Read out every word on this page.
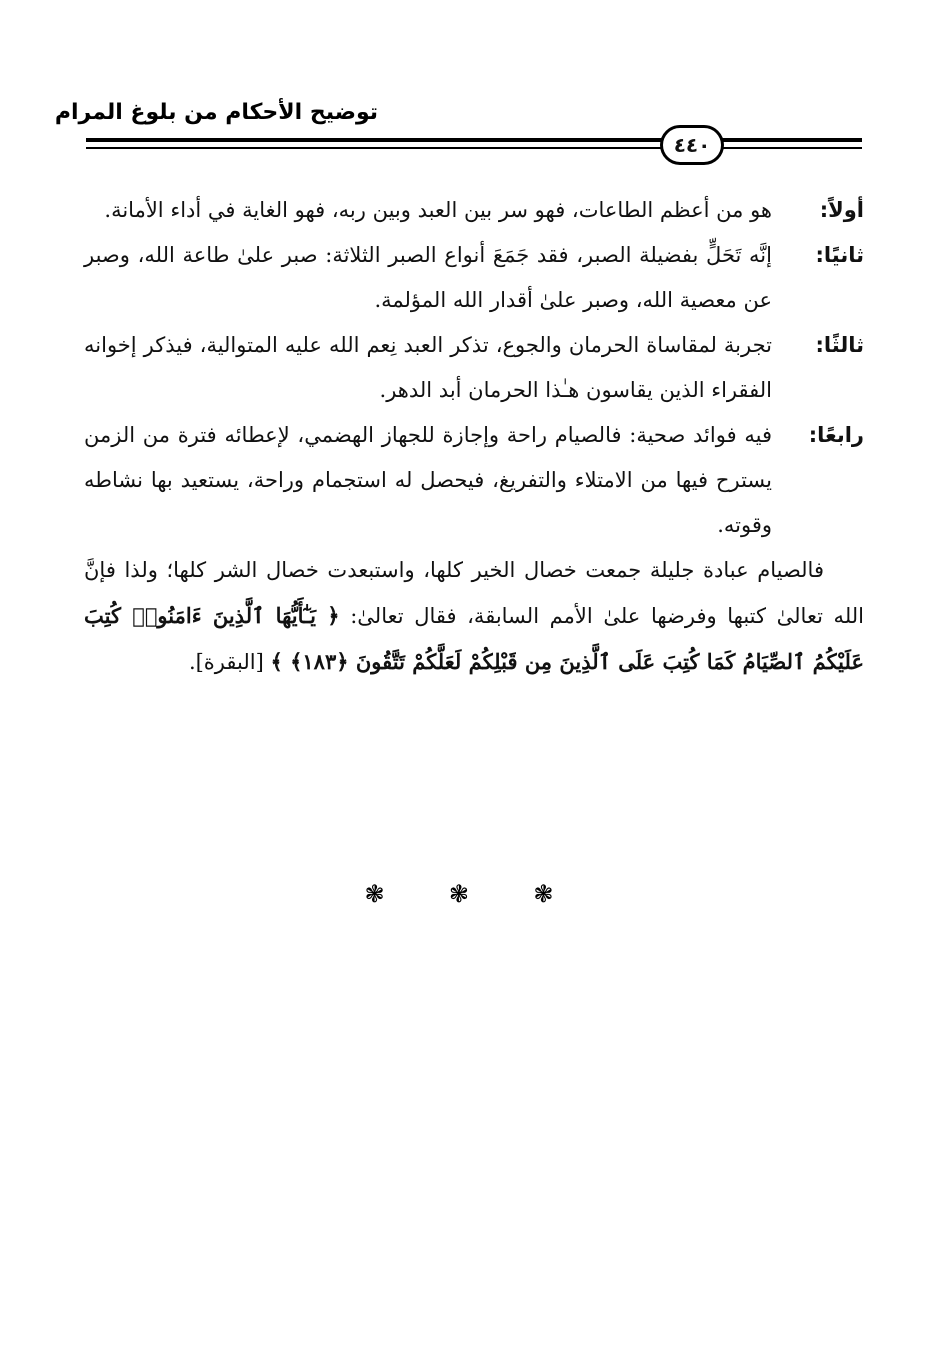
توضيح الأحكام من بلوغ المرام
٤٤٠

أولاً:
هو من أعظم الطاعات، فهو سر بين العبد وبين ربه، فهو الغاية في أداء الأمانة.

ثانيًا:
إنَّه تَحَلٍّ بفضيلة الصبر، فقد جَمَعَ أنواع الصبر الثلاثة: صبر علىٰ طاعة الله، وصبر عن معصية الله، وصبر علىٰ أقدار الله المؤلمة.

ثالثًا:
تجربة لمقاساة الحرمان والجوع، تذكر العبد نِعم الله عليه المتوالية، فيذكر إخوانه الفقراء الذين يقاسون هـٰذا الحرمان أبد الدهر.

رابعًا:
فيه فوائد صحية: فالصيام راحة وإجازة للجهاز الهضمي، لإعطائه فترة من الزمن يسترح فيها من الامتلاء والتفريغ، فيحصل له استجمام وراحة، يستعيد بها نشاطه وقوته.

فالصيام عبادة جليلة جمعت خصال الخير كلها، واستبعدت خصال الشر كلها؛ ولذا فإنَّ الله تعالىٰ كتبها وفرضها علىٰ الأمم السابقة، فقال تعالىٰ: ﴿ يَـٰٓأَيُّهَا ٱلَّذِينَ ءَامَنُوا۟ كُتِبَ عَلَيْكُمُ ٱلصِّيَامُ كَمَا كُتِبَ عَلَى ٱلَّذِينَ مِن قَبْلِكُمْ لَعَلَّكُمْ تَتَّقُونَ ﴿١٨٣﴾ ﴾ [البقرة].

❃ ❃ ❃
